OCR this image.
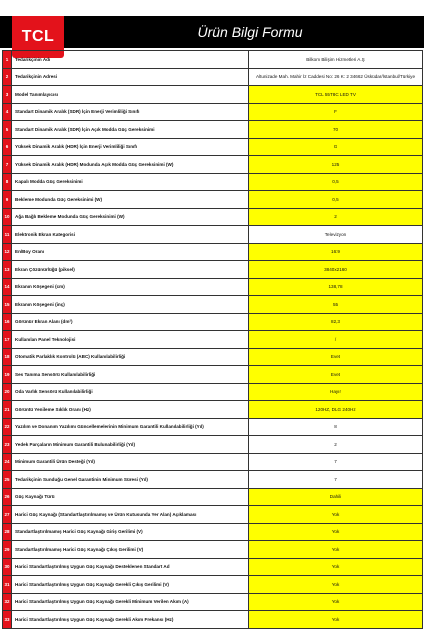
TCL	Ürün Bilgi Formu
1	Tedarikçinin Adı	Bilkom Bilişim Hizmetleri A.Ş
2	Tedarikçinin Adresi	Altunizade Mah. Mahir İz Caddesi No: 26 K: 2 34662 Üsküdar/İstanbul/Türkiye
3	Model Tanımlayıcısı	TCL 55T8C LED TV
4	Standart Dinamik Aralık (SDR) İçin Enerji Verimliliği Sınıfı	F
5	Standart Dinamik Aralık (SDR) İçin Açık Modda Güç Gereksinimi	70
6	Yüksek Dinamik Aralık (HDR) İçin Enerji Verimliliği Sınıfı	G
7	Yüksek Dinamik Aralık (HDR) Modunda Açık Modda Güç Gereksinimi (W)	125
8	Kapalı Modda Güç Gereksinimi	0,5
9	Bekleme Modunda Güç Gereksinimi (W)	0,5
10	Ağa Bağlı Bekleme Modunda Güç Gereksinimi (W)	2
11	Elektronik Ekran Kategorisi	Televizyon
12	En/Boy Oranı	16:9
13	Ekran Çözünürlüğü (piksel)	3840x2160
14	Ekranın Köşegeni (cm)	138,78
15	Ekranın Köşegeni (inç)	55
16	Görünür Ekran Alanı (dm²)	82,3
17	Kullanılan Panel Teknolojisi	/
18	Otomatik Parlaklık Kontrolü (ABC) Kullanılabilirliği	Evet
19	Ses Tanıma Sensörü Kullanılabilirliği	Evet
20	Oda Varlık Sensörü Kullanılabilirliği	Hayır
21	Görüntü Yenileme Sıklık Oranı (Hz)	120HZ, DLG 240Hz
22	Yazılım ve Donanım Yazılımı Güncellemelerinin Minimum Garantili Kullanılabilirliği (Yıl)	8
23	Yedek Parçaların Minimum Garantili Bulunabilirliği (Yıl)	2
24	Minimum Garantili Ürün Desteği (Yıl)	7
25	Tedarikçinin Sunduğu Genel Garantinin Minimum Süresi (Yıl)	7
26	Güç Kaynağı Türü	Dahili
27	Harici Güç Kaynağı (Standartlaştırılmamış ve Ürün Kutusunda Yer Alan) Açıklaması	Yok
28	Standartlaştırılmamış Harici Güç Kaynağı Giriş Gerilimi (V)	Yok
29	Standartlaştırılmamış Harici Güç Kaynağı Çıkış Gerilimi (V)	Yok
30	Harici Standartlaştırılmış Uygun Güç Kaynağı Desteklenen Standart Ad	Yok
31	Harici Standartlaştırılmış Uygun Güç Kaynağı Gerekli Çıkış Gerilimi (V)	Yok
32	Harici Standartlaştırılmış Uygun Güç Kaynağı Gerekli Minimum Verilen Akım (A)	Yok
33	Harici Standartlaştırılmış Uygun Güç Kaynağı Gerekli Akım Frekansı (Hz)	Yok
